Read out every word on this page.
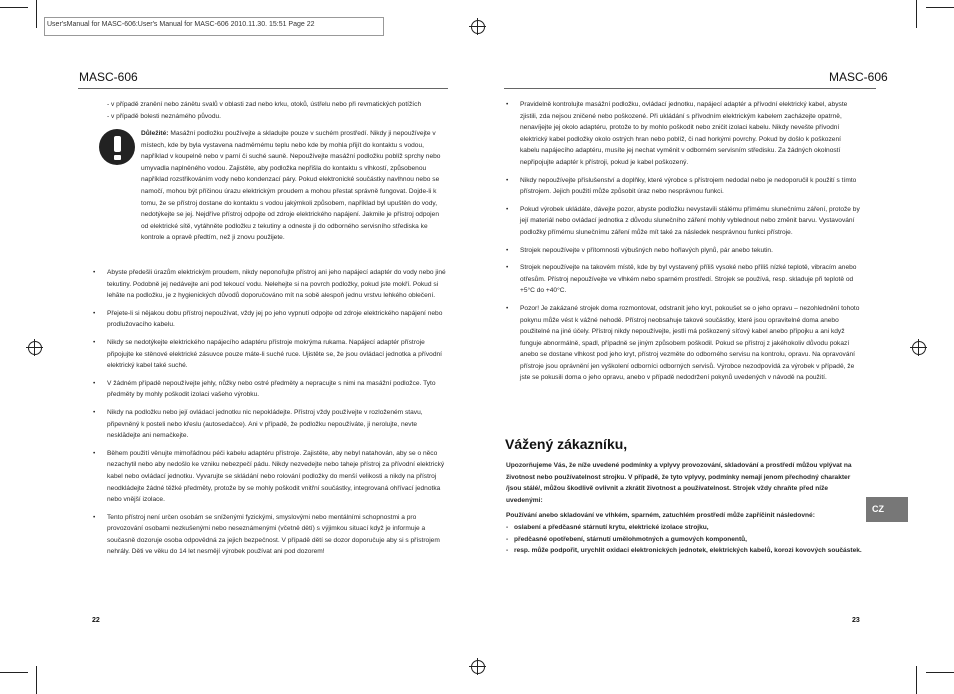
User'sManual for MASC-606:User's Manual for MASC-606 2010.11.30. 15:51 Page 22
MASC-606	MASC-606

- v případě zranění nebo zánětu svalů v oblasti zad nebo krku, otoků, ústřelu nebo při revmatických potížích

- v případě bolesti neznámého původu.

Důležité: Masážní podložku používejte a skladujte pouze v suchém prostředí. Nikdy ji nepoužívejte v místech, kde by byla vystavena nadměrnému teplu nebo kde by mohla přijít do kontaktu s vodou, například v koupelně nebo v parní či suché sauně. Nepoužívejte masážní podložku poblíž sprchy nebo umyvadla naplněného vodou. Zajistěte, aby podložka nepřišla do kontaktu s vlhkostí, způsobenou například rozstřikováním vody nebo kondenzací páry. Pokud elektronické součástky navlhnou nebo se namočí, mohou být příčinou úrazu elektrickým proudem a mohou přestat správně fungovat. Dojde-li k tomu, že se přístroj dostane do kontaktu s vodou jakýmkoli způsobem, například byl upuštěn do vody, nedotýkejte se jej. Nejdříve přístroj odpojte od zdroje elektrického napájení. Jakmile je přístroj odpojen od elektrické sítě, vytáhněte podložku z tekutiny a odneste ji do odborného servisního střediska ke kontrole a opravě předtím, než ji znovu použijete.

• Abyste předešli úrazům elektrickým proudem, nikdy neponořujte přístroj ani jeho napájecí adaptér do vody nebo jiné tekutiny. Podobně jej nedávejte ani pod tekoucí vodu. Nelehejte si na povrch podložky, pokud jste mokří. Pokud si lehāte na podložku, je z hygienických důvodů doporučováno mít na sobě alespoň jednu vrstvu lehkého oblečení.

• Přejete-li si nějakou dobu přístroj nepoužívat, vždy jej po jeho vypnutí odpojte od zdroje elektrického napájení nebo prodlužovacího kabelu.

• Nikdy se nedotýkejte elektrického napájecího adaptéru přístroje mokrýma rukama. Napájecí adaptér přístroje připojujte ke stěnové elektrické zásuvce pouze máte-li suché ruce. Ujistěte se, že jsou ovládací jednotka a přívodní elektrický kabel také suché.

• V žádném případě nepoužívejte jehly, nůžky nebo ostré předměty a nepracujte s nimi na masážní podložce. Tyto předměty by mohly poškodit izolaci vašeho výrobku.

• Nikdy na podložku nebo její ovládací jednotku nic nepokládejte. Přístroj vždy používejte v rozloženém stavu, připevněný k posteli nebo křeslu (autosedačce). Ani v případě, že podložku nepoužíváte, ji nerolujte, nevte nesklādejte ani nemačkejte.

• Během použití věnujte mimořádnou péči kabelu adaptéru přístroje. Zajistěte, aby nebyl natahován, aby se o něco nezachytil nebo aby nedošlo ke vzniku nebezpečí pádu. Nikdy nezvedejte nebo taheje přístroj za přívodní elektrický kabel nebo ovládací jednotku. Vyvarujte se skládání nebo rolování podložky do menší velikosti a nikdy na přístroj neodkládejte žádné těžké předměty, protože by se mohly poškodit vnitřní součástky, integrovaná ohřívací jednotka nebo vnější izolace.

• Tento přístroj není určen osobám se sníženými fyzickými, smyslovými nebo mentálními schopnostmi a pro provozování osobami nezkušenými nebo neseznámenými (včetně dětí) s výjimkou situací když je informuje a současně dozoruje osoba odpovědná za jejich bezpečnost. V případě dětí se dozor doporučuje aby si s přístrojem nehrály. Děti ve věku do 14 let nesmějí výrobek používat ani pod dozorem!

22

• Pravidelně kontrolujte masážní podložku, ovládací jednotku, napájecí adaptér a přívodní elektrický kabel, abyste zjistili, zda nejsou zničené nebo poškozené. Při ukládání s přívodním elektrickým kabelem zacházejte opatrně, nenavíjejte jej okolo adaptéru, protože to by mohlo poškodit nebo zničit izolaci kabelu. Nikdy nevešte přívodní elektrický kabel podložky okolo ostrých hran nebo poblíž, či nad horkými povrchy. Pokud by došlo k poškození kabelu napájecího adaptéru, musíte jej nechat vyměnit v odborném servisním středisku. Za žádných okolností nepřipojujte adaptér k přístroji, pokud je kabel poškozený.

• Nikdy nepoužívejte příslušenství a doplňky, které výrobce s přístrojem nedodal nebo je nedoporučil k použití s tímto přístrojem. Jejich použití může způsobit úraz nebo nesprávnou funkci.

• Pokud výrobek ukládáte, dávejte pozor, abyste podložku nevystavili stálému přímému slunečnímu záření, protože by její materiál nebo ovládací jednotka z důvodu slunečního záření mohly vyblednout nebo změnit barvu. Vystavování podložky přímému slunečnímu záření může mít také za následek nesprávnou funkci přístroje.

• Strojek nepoužívejte v přítomnosti výbušných nebo hořlavých plynů, pár anebo tekutin.

• Strojek nepoužívejte na takovém místě, kde by byl vystavený příliš vysoké nebo příliš nízké teplotě, vibracím anebo otřesům. Přístroj nepoužívejte ve vlhkém nebo sparném prostředí. Strojek se používá, resp. skladuje při teplotě od +5°C do +40°C.

• Pozor! Je zakázané strojek doma rozmontovat, odstranit jeho kryt, pokoušet se o jeho opravu – nezohlednění tohoto pokynu může vést k vážné nehodě. Přístroj neobsahuje takové součástky, které jsou opravitelné doma anebo použitelné na jiné účely. Přístroj nikdy nepoužívejte, jestli má poškozený síťový kabel anebo přípojku a ani když funguje abnormálně, spadl, případně se jiným způsobem poškodil. Pokud se přístroj z jakéhokoliv důvodu pokazí anebo se dostane vlhkost pod jeho kryt, přístroj vezměte do odborného servisu na kontrolu, opravu. Na opravování přístroje jsou oprávnění jen vyškolení odborníci odborných servisů. Výrobce nezodpovídá za výrobek v případě, že jste se pokusili doma o jeho opravu, anebo v případě nedodržení pokynů uvedených v návodě na použití.

Vážený zákazníku,

Upozorňujeme Vás, že níže uvedené podmínky a vplyvy provozování, skladování a prostředí můžou vplývat na životnost nebo používatelnost strojku. V případě, že tyto vplyvy, podmínky nemají jenom přechodný charakter /jsou stálé/, můžou škodlivě ovlivnit a zkrátit životnost a používatelnost. Strojek vždy chraňte před níže uvedenými:

Používání anebo skladování ve vlhkém, sparném, zatuchlém prostředí může zapříčinit následovné:

- oslabení a předčasné stárnutí krytu, elektrické izolace strojku,

- předčasné opotřebení, stárnutí umělohmotných a gumových komponentů,

- resp. může podpořit, urychlit oxidaci elektronických jednotek, elektrických kabelů, korozi kovových součástek.

CZ
23
